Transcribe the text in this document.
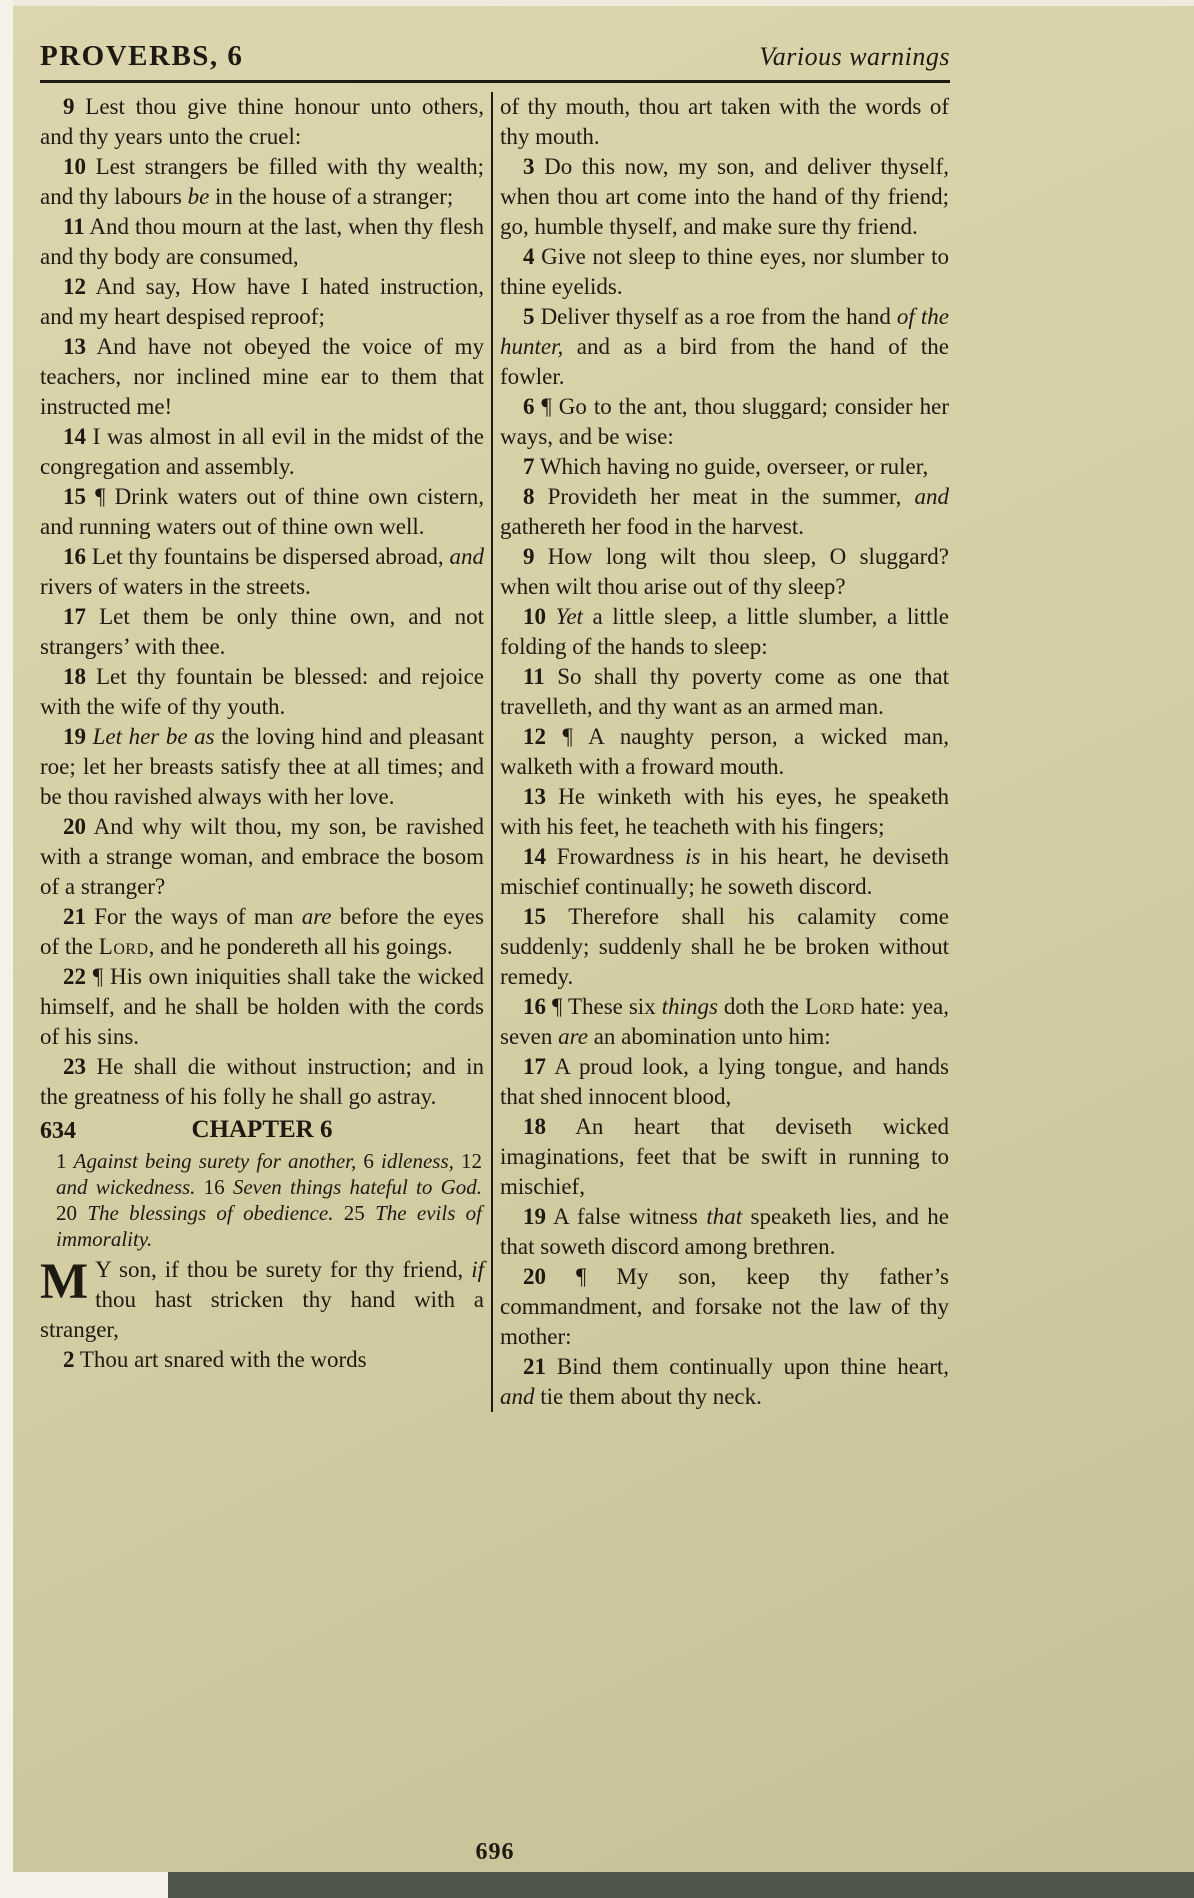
PROVERBS, 6	Various warnings

9 Lest thou give thine honour unto others, and thy years unto the cruel:

10 Lest strangers be filled with thy wealth; and thy labours be in the house of a stranger;

11 And thou mourn at the last, when thy flesh and thy body are consumed,

12 And say, How have I hated instruction, and my heart despised reproof;

13 And have not obeyed the voice of my teachers, nor inclined mine ear to them that instructed me!

14 I was almost in all evil in the midst of the congregation and assembly.

15 ¶ Drink waters out of thine own cistern, and running waters out of thine own well.

16 Let thy fountains be dispersed abroad, and rivers of waters in the streets.

17 Let them be only thine own, and not strangers’ with thee.

18 Let thy fountain be blessed: and rejoice with the wife of thy youth.

19 Let her be as the loving hind and pleasant roe; let her breasts satisfy thee at all times; and be thou ravished always with her love.

20 And why wilt thou, my son, be ravished with a strange woman, and embrace the bosom of a stranger?

21 For the ways of man are before the eyes of the Lord, and he pondereth all his goings.

22 ¶ His own iniquities shall take the wicked himself, and he shall be holden with the cords of his sins.

23 He shall die without instruction; and in the greatness of his folly he shall go astray.

634	CHAPTER 6

1 Against being surety for another, 6 idleness, 12 and wickedness. 16 Seven things hateful to God. 20 The blessings of obedience. 25 The evils of immorality.

M Y son, if thou be surety for thy friend, if thou hast stricken thy hand with a stranger,

2 Thou art snared with the words

of thy mouth, thou art taken with the words of thy mouth.

3 Do this now, my son, and deliver thyself, when thou art come into the hand of thy friend; go, humble thyself, and make sure thy friend.

4 Give not sleep to thine eyes, nor slumber to thine eyelids.

5 Deliver thyself as a roe from the hand of the hunter, and as a bird from the hand of the fowler.

6 ¶ Go to the ant, thou sluggard; consider her ways, and be wise:

7 Which having no guide, overseer, or ruler,

8 Provideth her meat in the summer, and gathereth her food in the harvest.

9 How long wilt thou sleep, O sluggard? when wilt thou arise out of thy sleep?

10 Yet a little sleep, a little slumber, a little folding of the hands to sleep:

11 So shall thy poverty come as one that travelleth, and thy want as an armed man.

12 ¶ A naughty person, a wicked man, walketh with a froward mouth.

13 He winketh with his eyes, he speaketh with his feet, he teacheth with his fingers;

14 Frowardness is in his heart, he deviseth mischief continually; he soweth discord.

15 Therefore shall his calamity come suddenly; suddenly shall he be broken without remedy.

16 ¶ These six things doth the Lord hate: yea, seven are an abomination unto him:

17 A proud look, a lying tongue, and hands that shed innocent blood,

18 An heart that deviseth wicked imaginations, feet that be swift in running to mischief,

19 A false witness that speaketh lies, and he that soweth discord among brethren.

20 ¶ My son, keep thy father’s commandment, and forsake not the law of thy mother:

21 Bind them continually upon thine heart, and tie them about thy neck.

696
